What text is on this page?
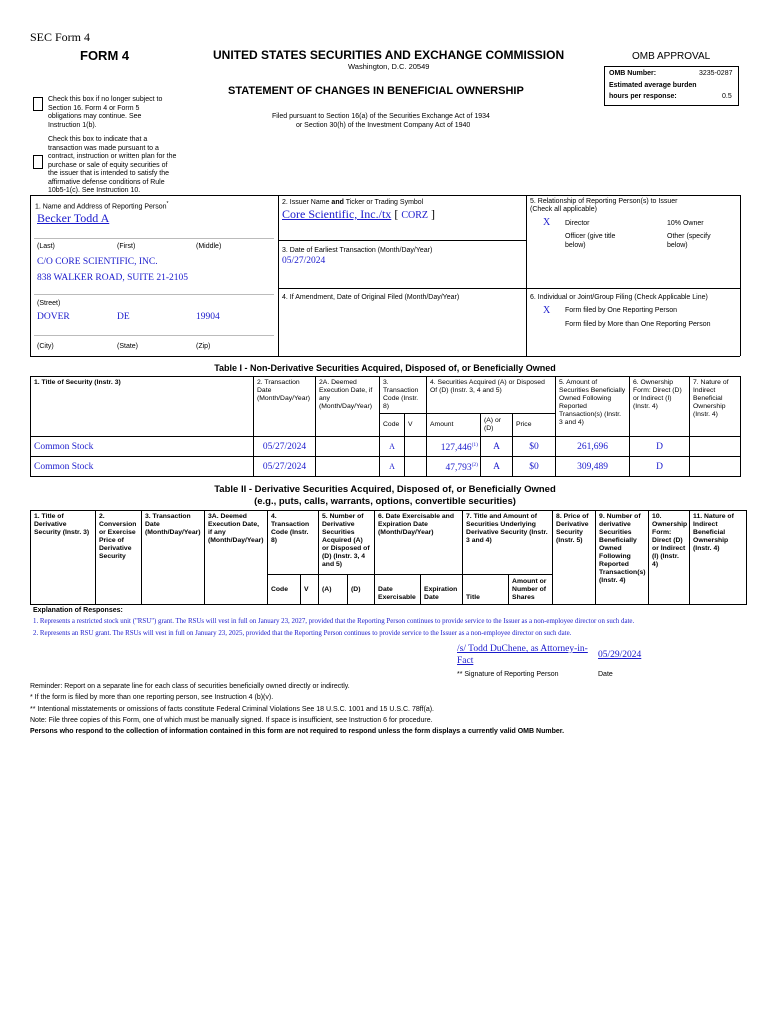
SEC Form 4
FORM 4	UNITED STATES SECURITIES AND EXCHANGE COMMISSION
Washington, D.C. 20549
STATEMENT OF CHANGES IN BENEFICIAL OWNERSHIP
Filed pursuant to Section 16(a) of the Securities Exchange Act of 1934
or Section 30(h) of the Investment Company Act of 1940
OMB APPROVAL
OMB Number:	3235-0287
Estimated average burden
hours per response:	0.5
Check this box if no longer subject to Section 16. Form 4 or Form 5 obligations may continue. See Instruction 1(b).
Check this box to indicate that a transaction was made pursuant to a contract, instruction or written plan for the purchase or sale of equity securities of the issuer that is intended to satisfy the affirmative defense conditions of Rule 10b5-1(c). See Instruction 10.
1. Name and Address of Reporting Person*
Becker Todd A
(Last)	(First)	(Middle)
C/O CORE SCIENTIFIC, INC.
838 WALKER ROAD, SUITE 21-2105
(Street)
DOVER	DE	19904
(City)	(State)	(Zip)
2. Issuer Name and Ticker or Trading Symbol
Core Scientific, Inc./tx [ CORZ ]
3. Date of Earliest Transaction (Month/Day/Year)
05/27/2024
4. If Amendment, Date of Original Filed (Month/Day/Year)
5. Relationship of Reporting Person(s) to Issuer
(Check all applicable)
X Director	10% Owner
Officer (give title below)
Other (specify below)
6. Individual or Joint/Group Filing (Check Applicable Line)
X Form filed by One Reporting Person
Form filed by More than One Reporting Person
Table I - Non-Derivative Securities Acquired, Disposed of, or Beneficially Owned
1. Title of Security (Instr. 3)	2. Transaction Date (Month/Day/Year)	2A. Deemed Execution Date, if any (Month/Day/Year)	3. Transaction Code (Instr. 8)		4. Securities Acquired (A) or Disposed Of (D) (Instr. 3, 4 and 5)			5. Amount of Securities Beneficially Owned Following Reported Transaction(s) (Instr. 3 and 4)	6. Ownership Form: Direct (D) or Indirect (I) (Instr. 4)	7. Nature of Indirect Beneficial Ownership (Instr. 4)
			Code	V	Amount	(A) or (D)	Price			
Common Stock	05/27/2024		A		127,446$^{(1)}$	A	$0	261,696	D	
Common Stock	05/27/2024		A		47,793$^{(2)}$	A	$0	309,489	D	
Table II - Derivative Securities Acquired, Disposed of, or Beneficially Owned
(e.g., puts, calls, warrants, options, convertible securities)
1. Title of Derivative Security (Instr. 3)	2. Conversion or Exercise Price of Derivative Security	3. Transaction Date (Month/Day/Year)	3A. Deemed Execution Date, if any (Month/Day/Year)	4. Transaction Code (Instr. 8)		5. Number of Derivative Securities Acquired (A) or Disposed of (D) (Instr. 3, 4 and 5)		6. Date Exercisable and Expiration Date (Month/Day/Year)		7. Title and Amount of Securities Underlying Derivative Security (Instr. 3 and 4)		8. Price of Derivative Security (Instr. 5)	9. Number of derivative Securities Beneficially Owned Following Reported Transaction(s) (Instr. 4)	10. Ownership Form: Direct (D) or Indirect (I) (Instr. 4)	11. Nature of Indirect Beneficial Ownership (Instr. 4)
				Code	V	(A)	(D)	Date Exercisable	Expiration Date	Title	Amount or Number of Shares				
Explanation of Responses:
1. Represents a restricted stock unit ("RSU") grant. The RSUs will vest in full on January 23, 2027, provided that the Reporting Person continues to provide service to the Issuer as a non-employee director on such date.
2. Represents an RSU grant. The RSUs will vest in full on January 23, 2025, provided that the Reporting Person continues to provide service to the Issuer as a non-employee director on such date.
/s/ Todd DuChene, as Attorney-in-
Fact
05/29/2024
** Signature of Reporting Person	Date
Reminder: Report on a separate line for each class of securities beneficially owned directly or indirectly.
* If the form is filed by more than one reporting person, see Instruction 4 (b)(v).
** Intentional misstatements or omissions of facts constitute Federal Criminal Violations See 18 U.S.C. 1001 and 15 U.S.C. 78ff(a).
Note: File three copies of this Form, one of which must be manually signed. If space is insufficient, see Instruction 6 for procedure.
Persons who respond to the collection of information contained in this form are not required to respond unless the form displays a currently valid OMB Number.
